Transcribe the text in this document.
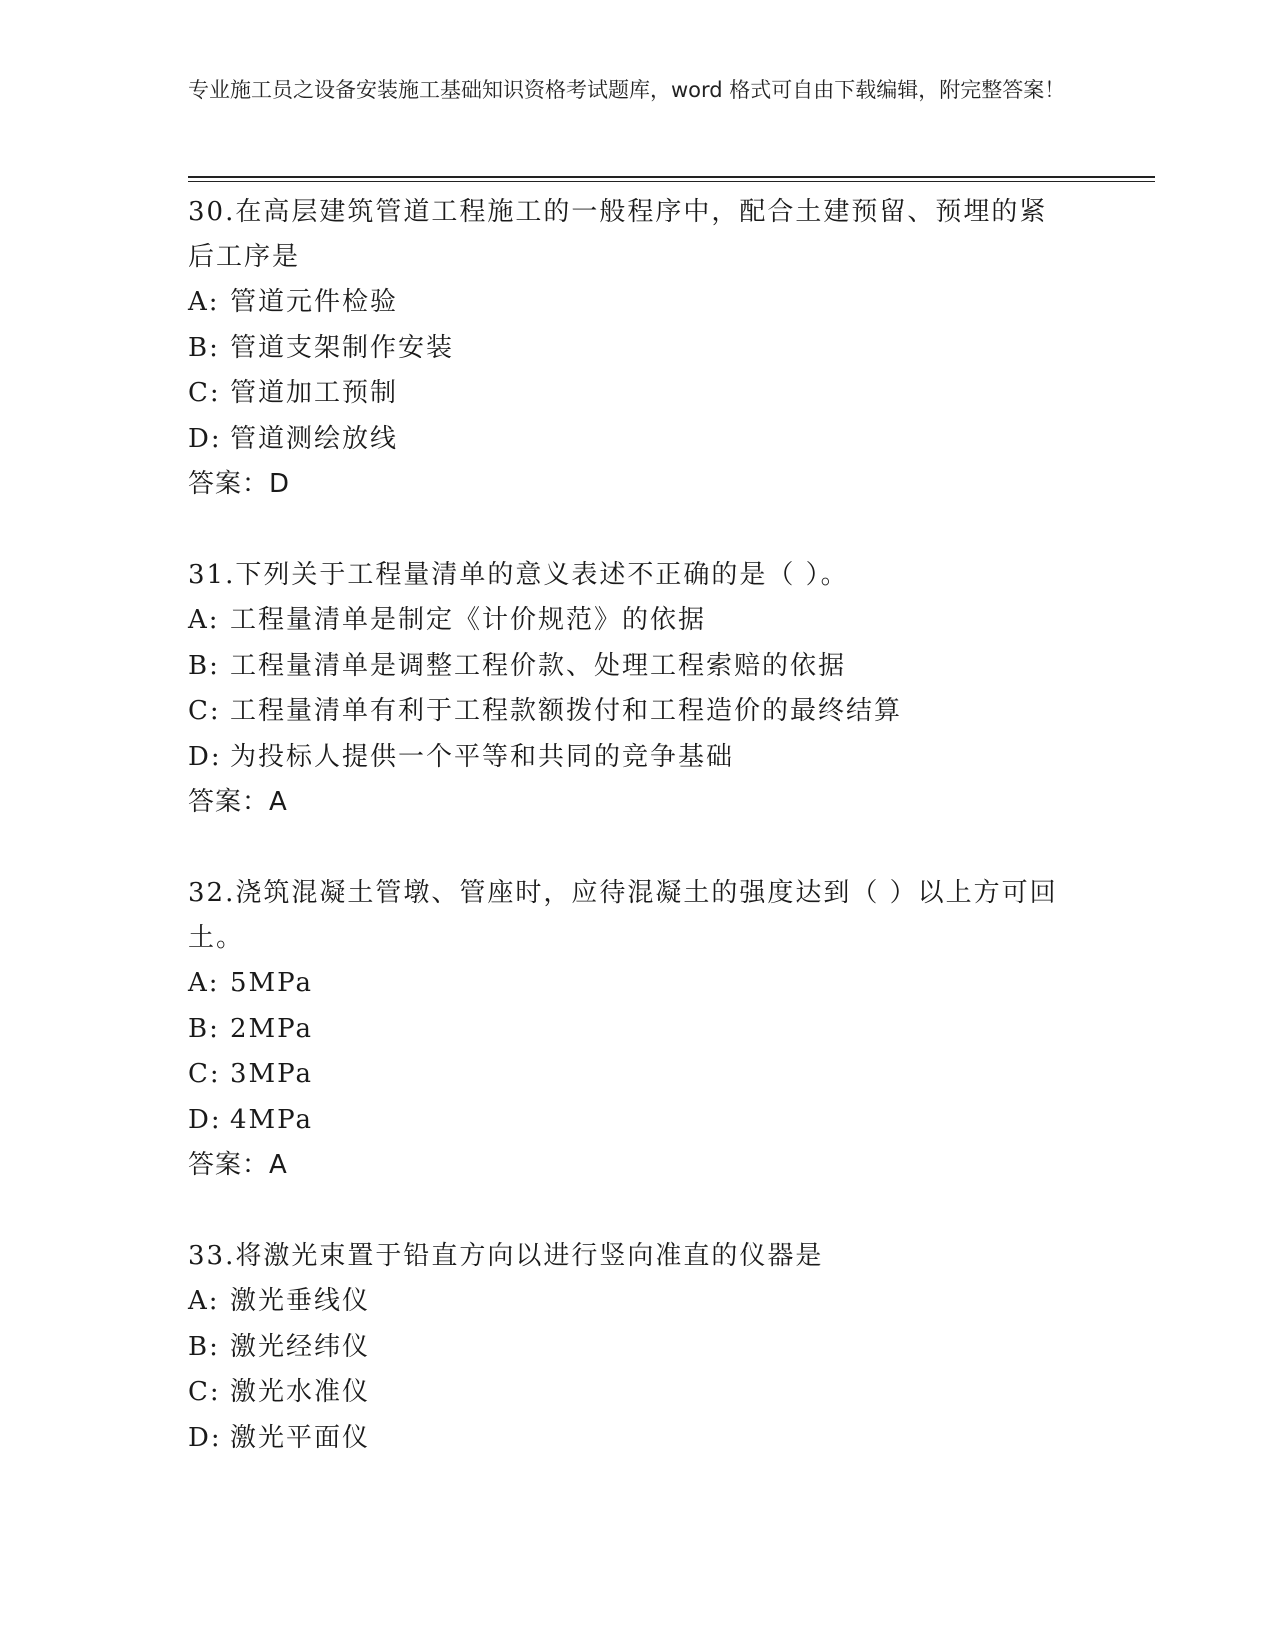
专业施工员之设备安装施工基础知识资格考试题库，word 格式可自由下载编辑，附完整答案！
30.在高层建筑管道工程施工的一般程序中，配合土建预留、预埋的紧后工序是
A: 管道元件检验
B: 管道支架制作安装
C: 管道加工预制
D: 管道测绘放线
答案：D
31.下列关于工程量清单的意义表述不正确的是（ ）。
A: 工程量清单是制定《计价规范》的依据
B: 工程量清单是调整工程价款、处理工程索赔的依据
C: 工程量清单有利于工程款额拨付和工程造价的最终结算
D: 为投标人提供一个平等和共同的竞争基础
答案：A
32.浇筑混凝土管墩、管座时，应待混凝土的强度达到（ ）以上方可回土。
A: 5MPa
B: 2MPa
C: 3MPa
D: 4MPa
答案：A
33.将激光束置于铅直方向以进行竖向准直的仪器是
A: 激光垂线仪
B: 激光经纬仪
C: 激光水准仪
D: 激光平面仪
